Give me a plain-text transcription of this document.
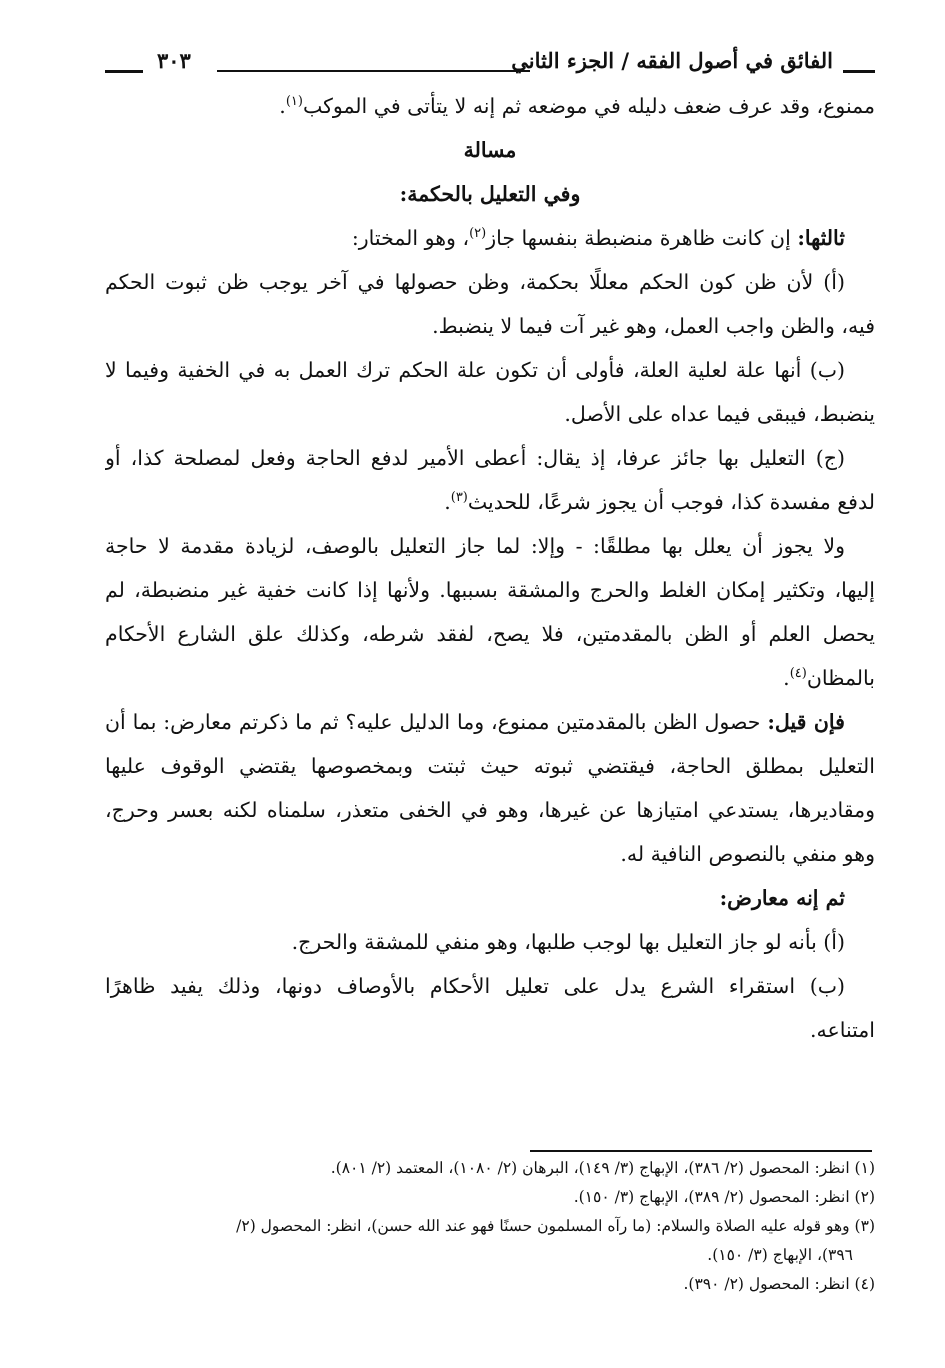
الفائق في أصول الفقه / الجزء الثاني
٣٠٣
ممنوع، وقد عرف ضعف دليله في موضعه ثم إنه لا يتأتى في الموكب$^{(١)}$.
مسالة
وفي التعليل بالحكمة:
ثالثها: إن كانت ظاهرة منضبطة بنفسها جاز$^{(٢)}$، وهو المختار:
(أ) لأن ظن كون الحكم معللًا بحكمة، وظن حصولها في آخر يوجب ظن ثبوت الحكم
فيه، والظن واجب العمل، وهو غير آت فيما لا ينضبط.
(ب) أنها علة لعلية العلة، فأولى أن تكون علة الحكم ترك العمل به في الخفية وفيما لا
ينضبط، فيبقى فيما عداه على الأصل.
(ج) التعليل بها جائز عرفا، إذ يقال: أعطى الأمير لدفع الحاجة وفعل لمصلحة كذا، أو
لدفع مفسدة كذا، فوجب أن يجوز شرعًا، للحديث$^{(٣)}$.
ولا يجوز أن يعلل بها مطلقًا: - وإلا: لما جاز التعليل بالوصف، لزيادة مقدمة لا حاجة
إليها، وتكثير إمكان الغلط والحرج والمشقة بسببها. ولأنها إذا كانت خفية غير منضبطة، لم
يحصل العلم أو الظن بالمقدمتين، فلا يصح، لفقد شرطه، وكذلك علق الشارع الأحكام
بالمظان$^{(٤)}$.
فإن قيل: حصول الظن بالمقدمتين ممنوع، وما الدليل عليه؟ ثم ما ذكرتم معارض: بما أن
التعليل بمطلق الحاجة، فيقتضي ثبوته حيث ثبتت وبمخصوصها يقتضي الوقوف عليها
ومقاديرها، يستدعي امتيازها عن غيرها، وهو في الخفى متعذر، سلمناه لكنه بعسر وحرج،
وهو منفي بالنصوص النافية له.
ثم إنه معارض:
(أ) بأنه لو جاز التعليل بها لوجب طلبها، وهو منفي للمشقة والحرج.
(ب) استقراء الشرع يدل على تعليل الأحكام بالأوصاف دونها، وذلك يفيد ظاهرًا
امتناعه.
(١) انظر: المحصول (٢/ ٣٨٦)، الإبهاج (٣/ ١٤٩)، البرهان (٢/ ١٠٨٠)، المعتمد (٢/ ٨٠١).
(٢) انظر: المحصول (٢/ ٣٨٩)، الإبهاج (٣/ ١٥٠).
(٣) وهو قوله عليه الصلاة والسلام: (ما رآه المسلمون حسنًا فهو عند الله حسن)، انظر: المحصول (٢/
٣٩٦)، الإبهاج (٣/ ١٥٠).
(٤) انظر: المحصول (٢/ ٣٩٠).
